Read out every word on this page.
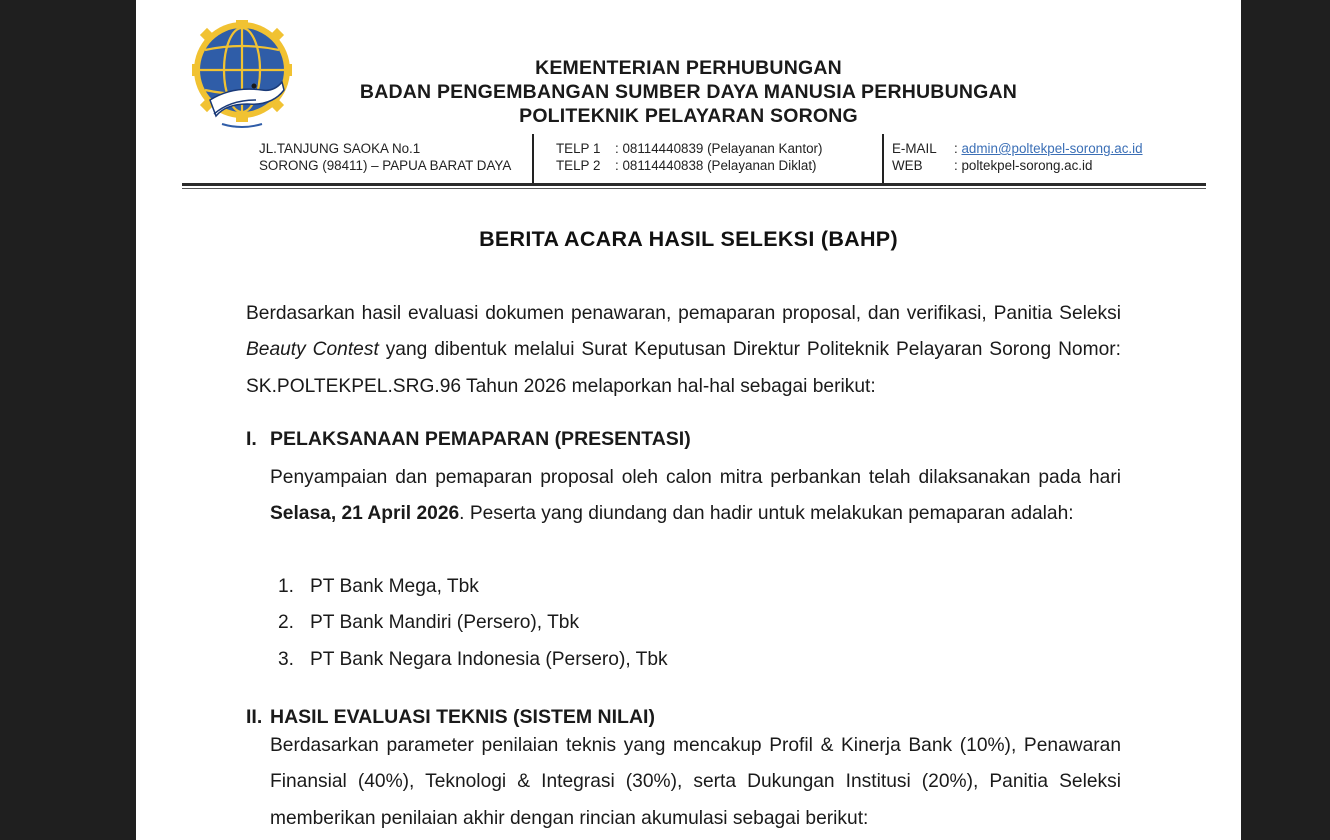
KEMENTERIAN PERHUBUNGAN
BADAN PENGEMBANGAN SUMBER DAYA MANUSIA PERHUBUNGAN
POLITEKNIK PELAYARAN SORONG
JL.TANJUNG SAOKA No.1
SORONG (98411) – PAPUA BARAT DAYA
TELP 1 : 08114440839 (Pelayanan Kantor)
TELP 2 : 08114440838 (Pelayanan Diklat)
E-MAIL : admin@poltekpel-sorong.ac.id
WEB : poltekpel-sorong.ac.id
BERITA ACARA HASIL SELEKSI (BAHP)
Berdasarkan hasil evaluasi dokumen penawaran, pemaparan proposal, dan verifikasi, Panitia Seleksi Beauty Contest yang dibentuk melalui Surat Keputusan Direktur Politeknik Pelayaran Sorong Nomor: SK.POLTEKPEL.SRG.96 Tahun 2026 melaporkan hal-hal sebagai berikut:
I. PELAKSANAAN PEMAPARAN (PRESENTASI)
Penyampaian dan pemaparan proposal oleh calon mitra perbankan telah dilaksanakan pada hari Selasa, 21 April 2026. Peserta yang diundang dan hadir untuk melakukan pemaparan adalah:
1. PT Bank Mega, Tbk
2. PT Bank Mandiri (Persero), Tbk
3. PT Bank Negara Indonesia (Persero), Tbk
II. HASIL EVALUASI TEKNIS (SISTEM NILAI)
Berdasarkan parameter penilaian teknis yang mencakup Profil & Kinerja Bank (10%), Penawaran Finansial (40%), Teknologi & Integrasi (30%), serta Dukungan Institusi (20%), Panitia Seleksi memberikan penilaian akhir dengan rincian akumulasi sebagai berikut:
